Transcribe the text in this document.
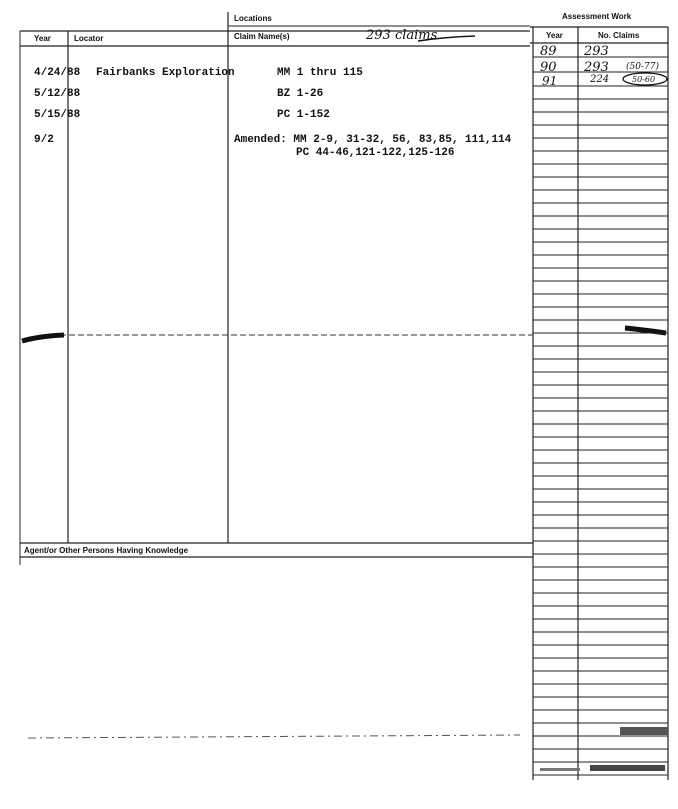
Locations	Assessment Work
Year	Locator	Claim Name(s)	293 claims	Year	No. Claims
4/24/88 Fairbanks Exploration	MM 1 thru 115
5/12/88	BZ 1-26
5/15/88	PC 1-152
9/2	Amended: MM 2-9, 31-32, 56, 83,85, 111,114
PC 44-46,121-122,125-126
89 293
90 293 (50-77)
91	224	50-60
Agent/or Other Persons Having Knowledge
